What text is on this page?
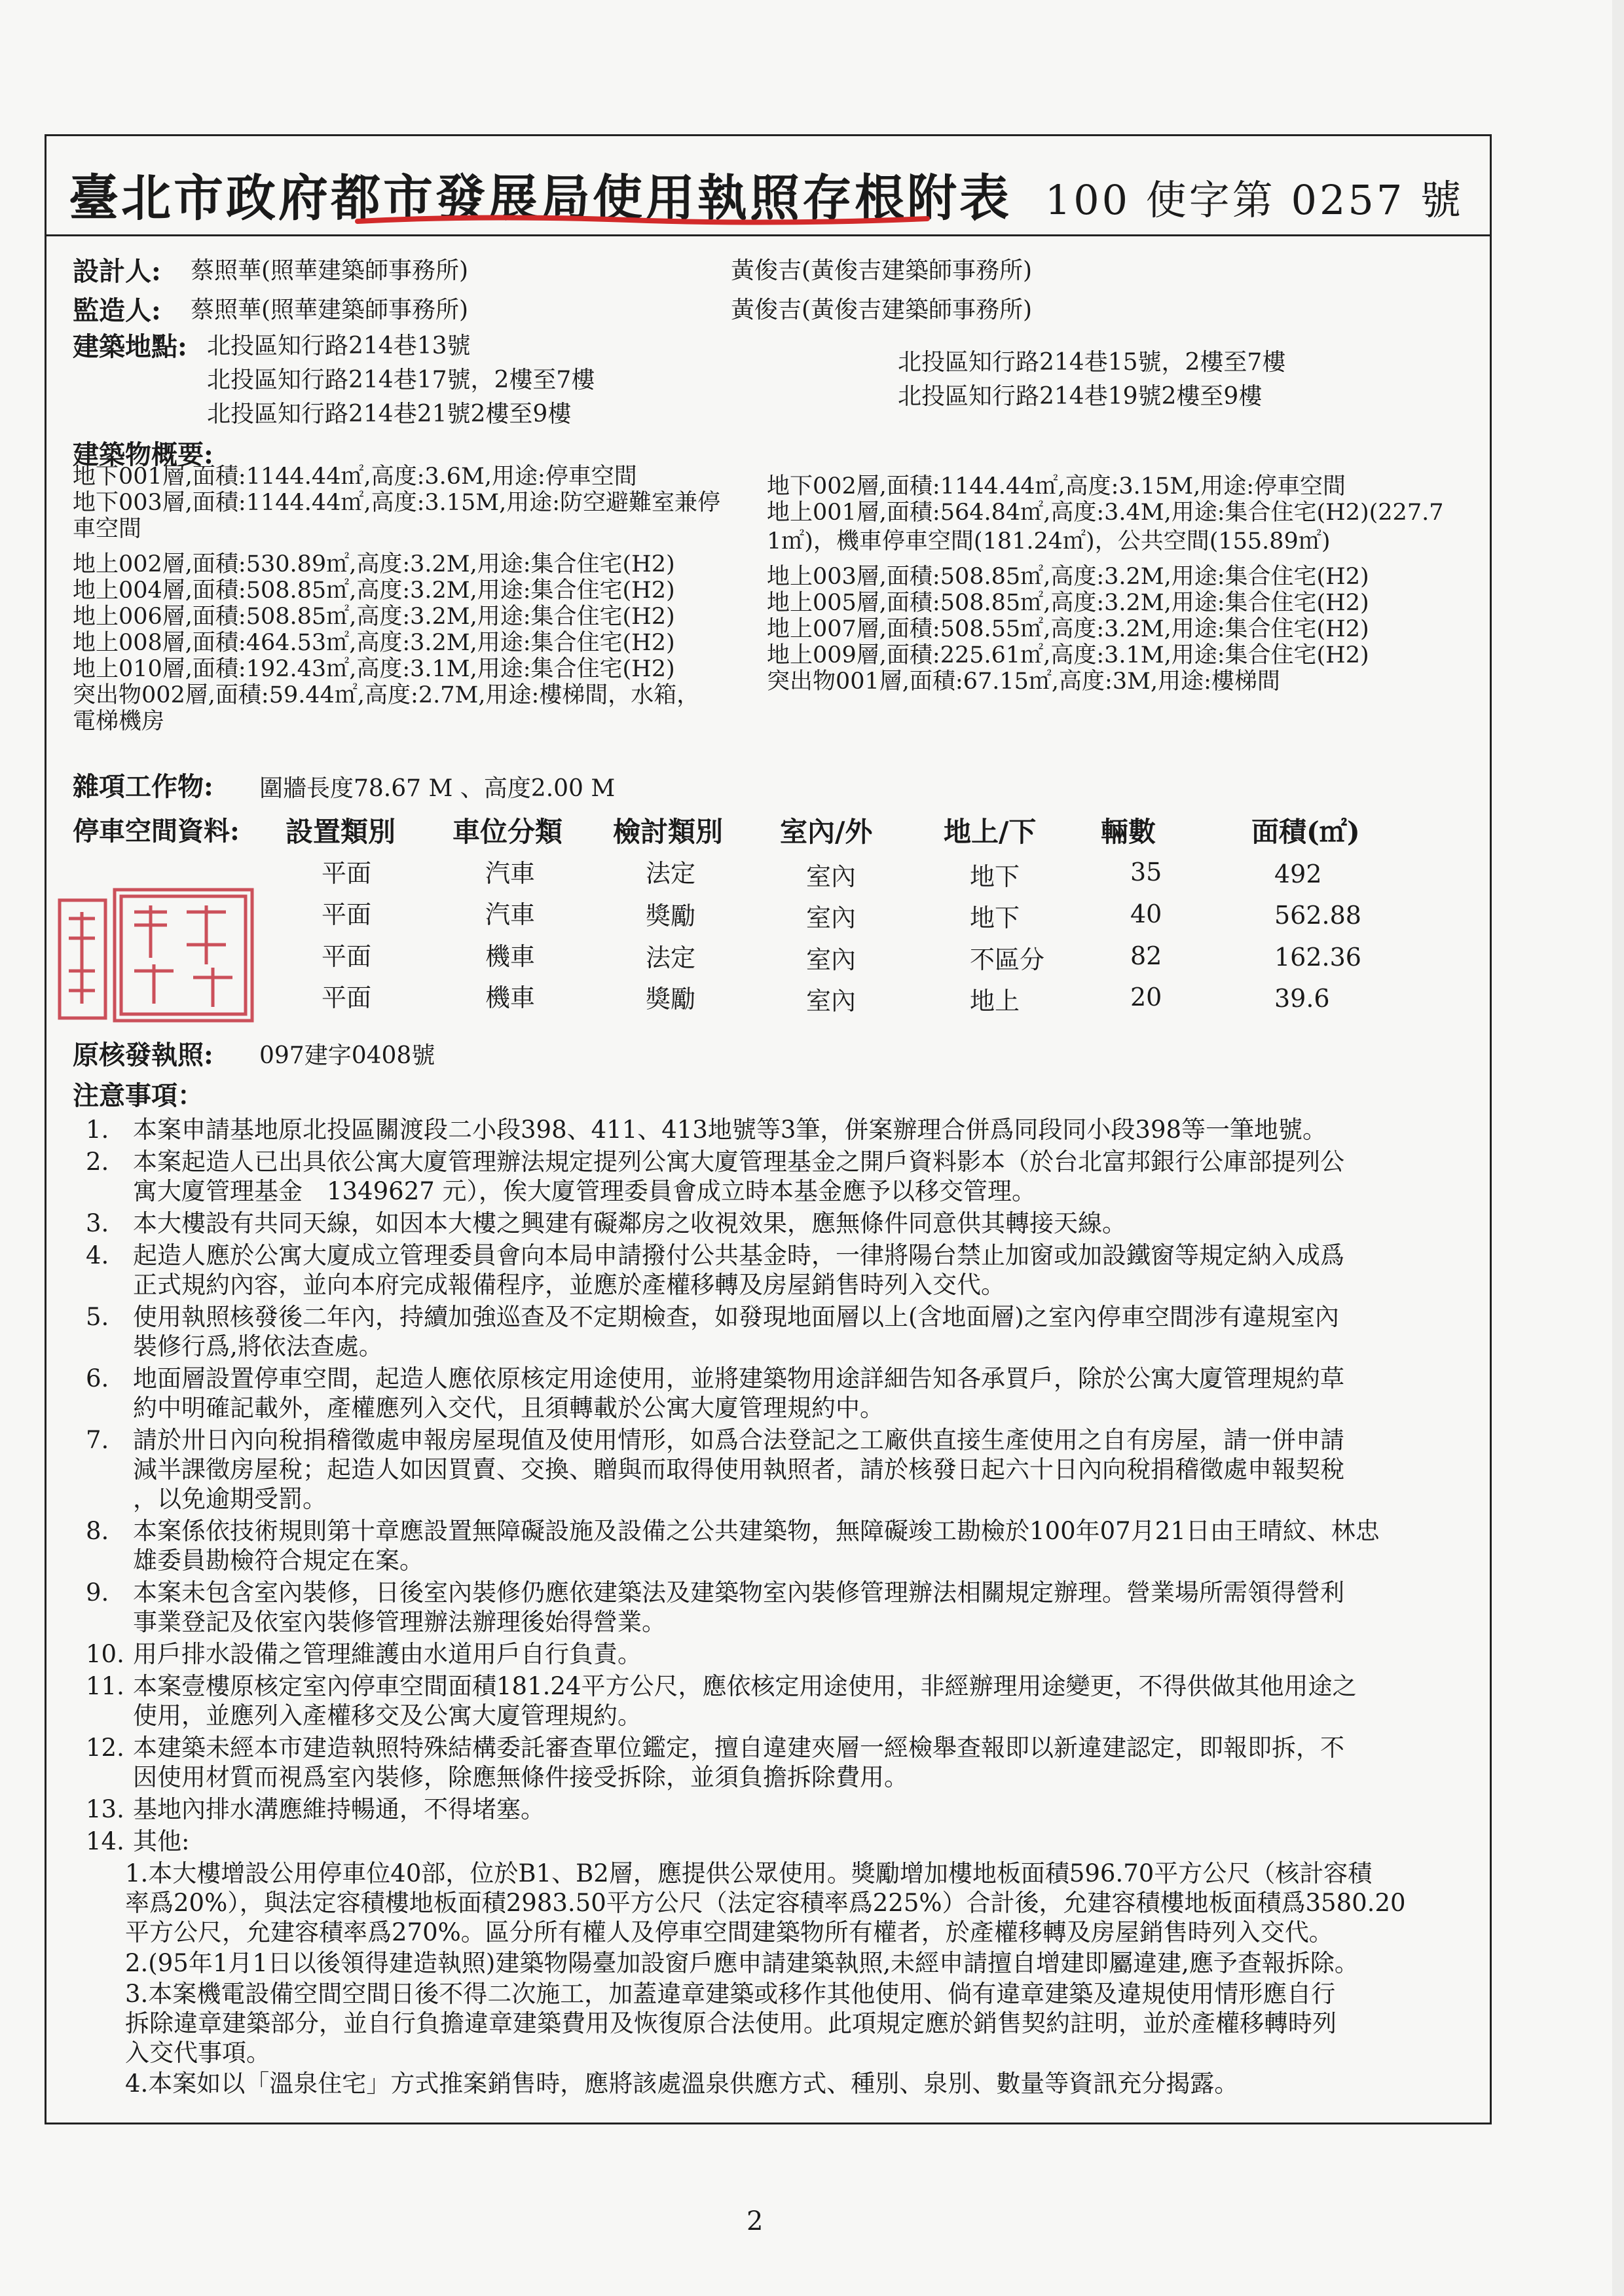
臺北市政府都市發展局使用執照存根附表 100 使字第 0257 號
設計人: 蔡照華(照華建築師事務所)	黃俊吉(黃俊吉建築師事務所)
監造人: 蔡照華(照華建築師事務所)	黃俊吉(黃俊吉建築師事務所)
建築地點: 北投區知行路214巷13號
北投區知行路214巷15號，2樓至7樓
北投區知行路214巷17號，2樓至7樓
北投區知行路214巷19號2樓至9樓
北投區知行路214巷21號2樓至9樓
建築物概要:
地下001層,面積:1144.44㎡,高度:3.6M,用途:停車空間
地下003層,面積:1144.44㎡,高度:3.15M,用途:防空避難室兼停
車空間
地上002層,面積:530.89㎡,高度:3.2M,用途:集合住宅(H2)
地上004層,面積:508.85㎡,高度:3.2M,用途:集合住宅(H2)
地上006層,面積:508.85㎡,高度:3.2M,用途:集合住宅(H2)
地上008層,面積:464.53㎡,高度:3.2M,用途:集合住宅(H2)
地上010層,面積:192.43㎡,高度:3.1M,用途:集合住宅(H2)
突出物002層,面積:59.44㎡,高度:2.7M,用途:樓梯間，水箱，
電梯機房
地下002層,面積:1144.44㎡,高度:3.15M,用途:停車空間
地上001層,面積:564.84㎡,高度:3.4M,用途:集合住宅(H2)(227.7
1㎡)，機車停車空間(181.24㎡)，公共空間(155.89㎡)
地上003層,面積:508.85㎡,高度:3.2M,用途:集合住宅(H2)
地上005層,面積:508.85㎡,高度:3.2M,用途:集合住宅(H2)
地上007層,面積:508.55㎡,高度:3.2M,用途:集合住宅(H2)
地上009層,面積:225.61㎡,高度:3.1M,用途:集合住宅(H2)
突出物001層,面積:67.15㎡,高度:3M,用途:樓梯間
雜項工作物: 圍牆長度78.67 M 、高度2.00 M
停車空間資料: 設置類別 車位分類 檢討類別 室內/外	地上/下 輛數	面積(㎡)
平面	汽車	法定	室內	地下	35	492
平面	汽車	獎勵	室內	地下	40	562.88
平面	機車	法定	室內	不區分	82	162.36
平面	機車	獎勵	室內	地上	20	39.6
原核發執照: 097建字0408號
注意事項：
1. 本案申請基地原北投區關渡段二小段398、411、413地號等3筆，併案辦理合併爲同段同小段398等一筆地號。
2. 本案起造人已出具依公寓大廈管理辦法規定提列公寓大廈管理基金之開戶資料影本（於台北富邦銀行公庫部提列公
寓大廈管理基金　1349627 元），俟大廈管理委員會成立時本基金應予以移交管理。
3. 本大樓設有共同天線，如因本大樓之興建有礙鄰房之收視效果，應無條件同意供其轉接天線。
4. 起造人應於公寓大廈成立管理委員會向本局申請撥付公共基金時，一律將陽台禁止加窗或加設鐵窗等規定納入成爲
正式規約內容，並向本府完成報備程序，並應於產權移轉及房屋銷售時列入交代。
5. 使用執照核發後二年內，持續加強巡查及不定期檢查，如發現地面層以上(含地面層)之室內停車空間涉有違規室內
裝修行爲,將依法查處。
6. 地面層設置停車空間，起造人應依原核定用途使用，並將建築物用途詳細告知各承買戶，除於公寓大廈管理規約草
約中明確記載外，產權應列入交代，且須轉載於公寓大廈管理規約中。
7. 請於卅日內向稅捐稽徵處申報房屋現值及使用情形，如爲合法登記之工廠供直接生產使用之自有房屋，請一併申請
減半課徵房屋稅；起造人如因買賣、交換、贈與而取得使用執照者，請於核發日起六十日內向稅捐稽徵處申報契稅
，以免逾期受罰。
8. 本案係依技術規則第十章應設置無障礙設施及設備之公共建築物，無障礙竣工勘檢於100年07月21日由王晴紋、林忠
雄委員勘檢符合規定在案。
9. 本案未包含室內裝修，日後室內裝修仍應依建築法及建築物室內裝修管理辦法相關規定辦理。營業場所需領得營利
事業登記及依室內裝修管理辦法辦理後始得營業。
10. 用戶排水設備之管理維護由水道用戶自行負責。
11. 本案壹樓原核定室內停車空間面積181.24平方公尺，應依核定用途使用，非經辦理用途變更，不得供做其他用途之
使用，並應列入產權移交及公寓大廈管理規約。
12. 本建築未經本市建造執照特殊結構委託審查單位鑑定，擅自違建夾層一經檢舉查報即以新違建認定，即報即拆，不
因使用材質而視爲室內裝修，除應無條件接受拆除，並須負擔拆除費用。
13. 基地內排水溝應維持暢通，不得堵塞。
14. 其他:
1.本大樓增設公用停車位40部，位於B1、B2層，應提供公眾使用。獎勵增加樓地板面積596.70平方公尺（核計容積
率爲20%），與法定容積樓地板面積2983.50平方公尺（法定容積率爲225%）合計後，允建容積樓地板面積爲3580.20
平方公尺，允建容積率爲270%。區分所有權人及停車空間建築物所有權者，於產權移轉及房屋銷售時列入交代。
2.(95年1月1日以後領得建造執照)建築物陽臺加設窗戶應申請建築執照,未經申請擅自增建即屬違建,應予查報拆除。
3.本案機電設備空間空間日後不得二次施工，加蓋違章建築或移作其他使用、倘有違章建築及違規使用情形應自行
拆除違章建築部分，並自行負擔違章建築費用及恢復原合法使用。此項規定應於銷售契約註明，並於產權移轉時列
入交代事項。
4.本案如以「溫泉住宅」方式推案銷售時，應將該處溫泉供應方式、種別、泉別、數量等資訊充分揭露。
2
